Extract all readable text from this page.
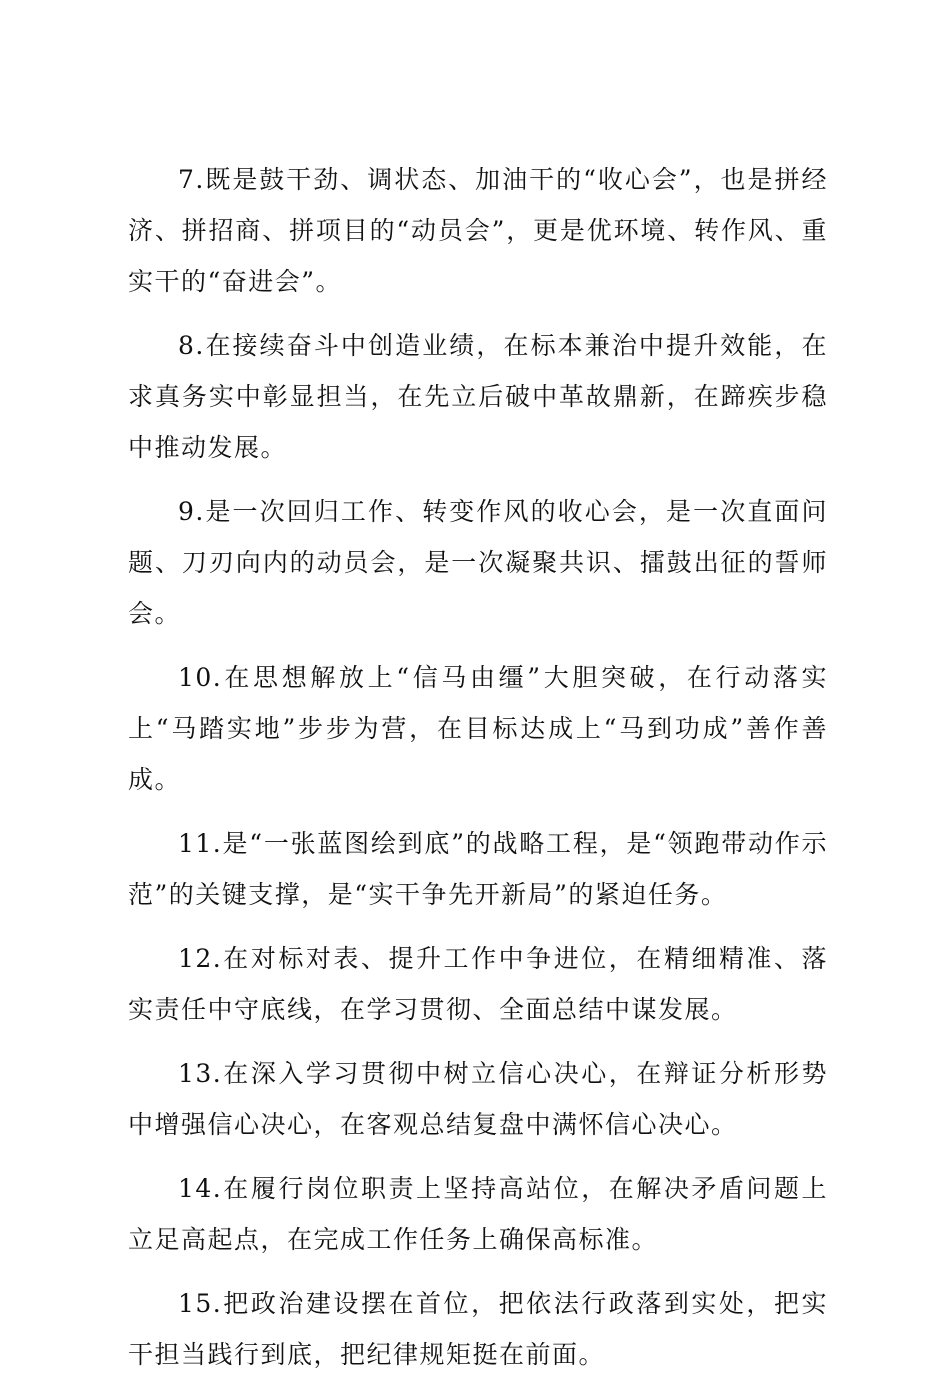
7.既是鼓干劲、调状态、加油干的“收心会”，也是拼经济、拼招商、拼项目的“动员会”，更是优环境、转作风、重实干的“奋进会”。

8.在接续奋斗中创造业绩，在标本兼治中提升效能，在求真务实中彰显担当，在先立后破中革故鼎新，在蹄疾步稳中推动发展。

9.是一次回归工作、转变作风的收心会，是一次直面问题、刀刃向内的动员会，是一次凝聚共识、擂鼓出征的誓师会。

10.在思想解放上“信马由缰”大胆突破，在行动落实上“马踏实地”步步为营，在目标达成上“马到功成”善作善成。

11.是“一张蓝图绘到底”的战略工程，是“领跑带动作示范”的关键支撑，是“实干争先开新局”的紧迫任务。

12.在对标对表、提升工作中争进位，在精细精准、落实责任中守底线，在学习贯彻、全面总结中谋发展。

13.在深入学习贯彻中树立信心决心，在辩证分析形势中增强信心决心，在客观总结复盘中满怀信心决心。

14.在履行岗位职责上坚持高站位，在解决矛盾问题上立足高起点，在完成工作任务上确保高标准。

15.把政治建设摆在首位，把依法行政落到实处，把实干担当践行到底，把纪律规矩挺在前面。
